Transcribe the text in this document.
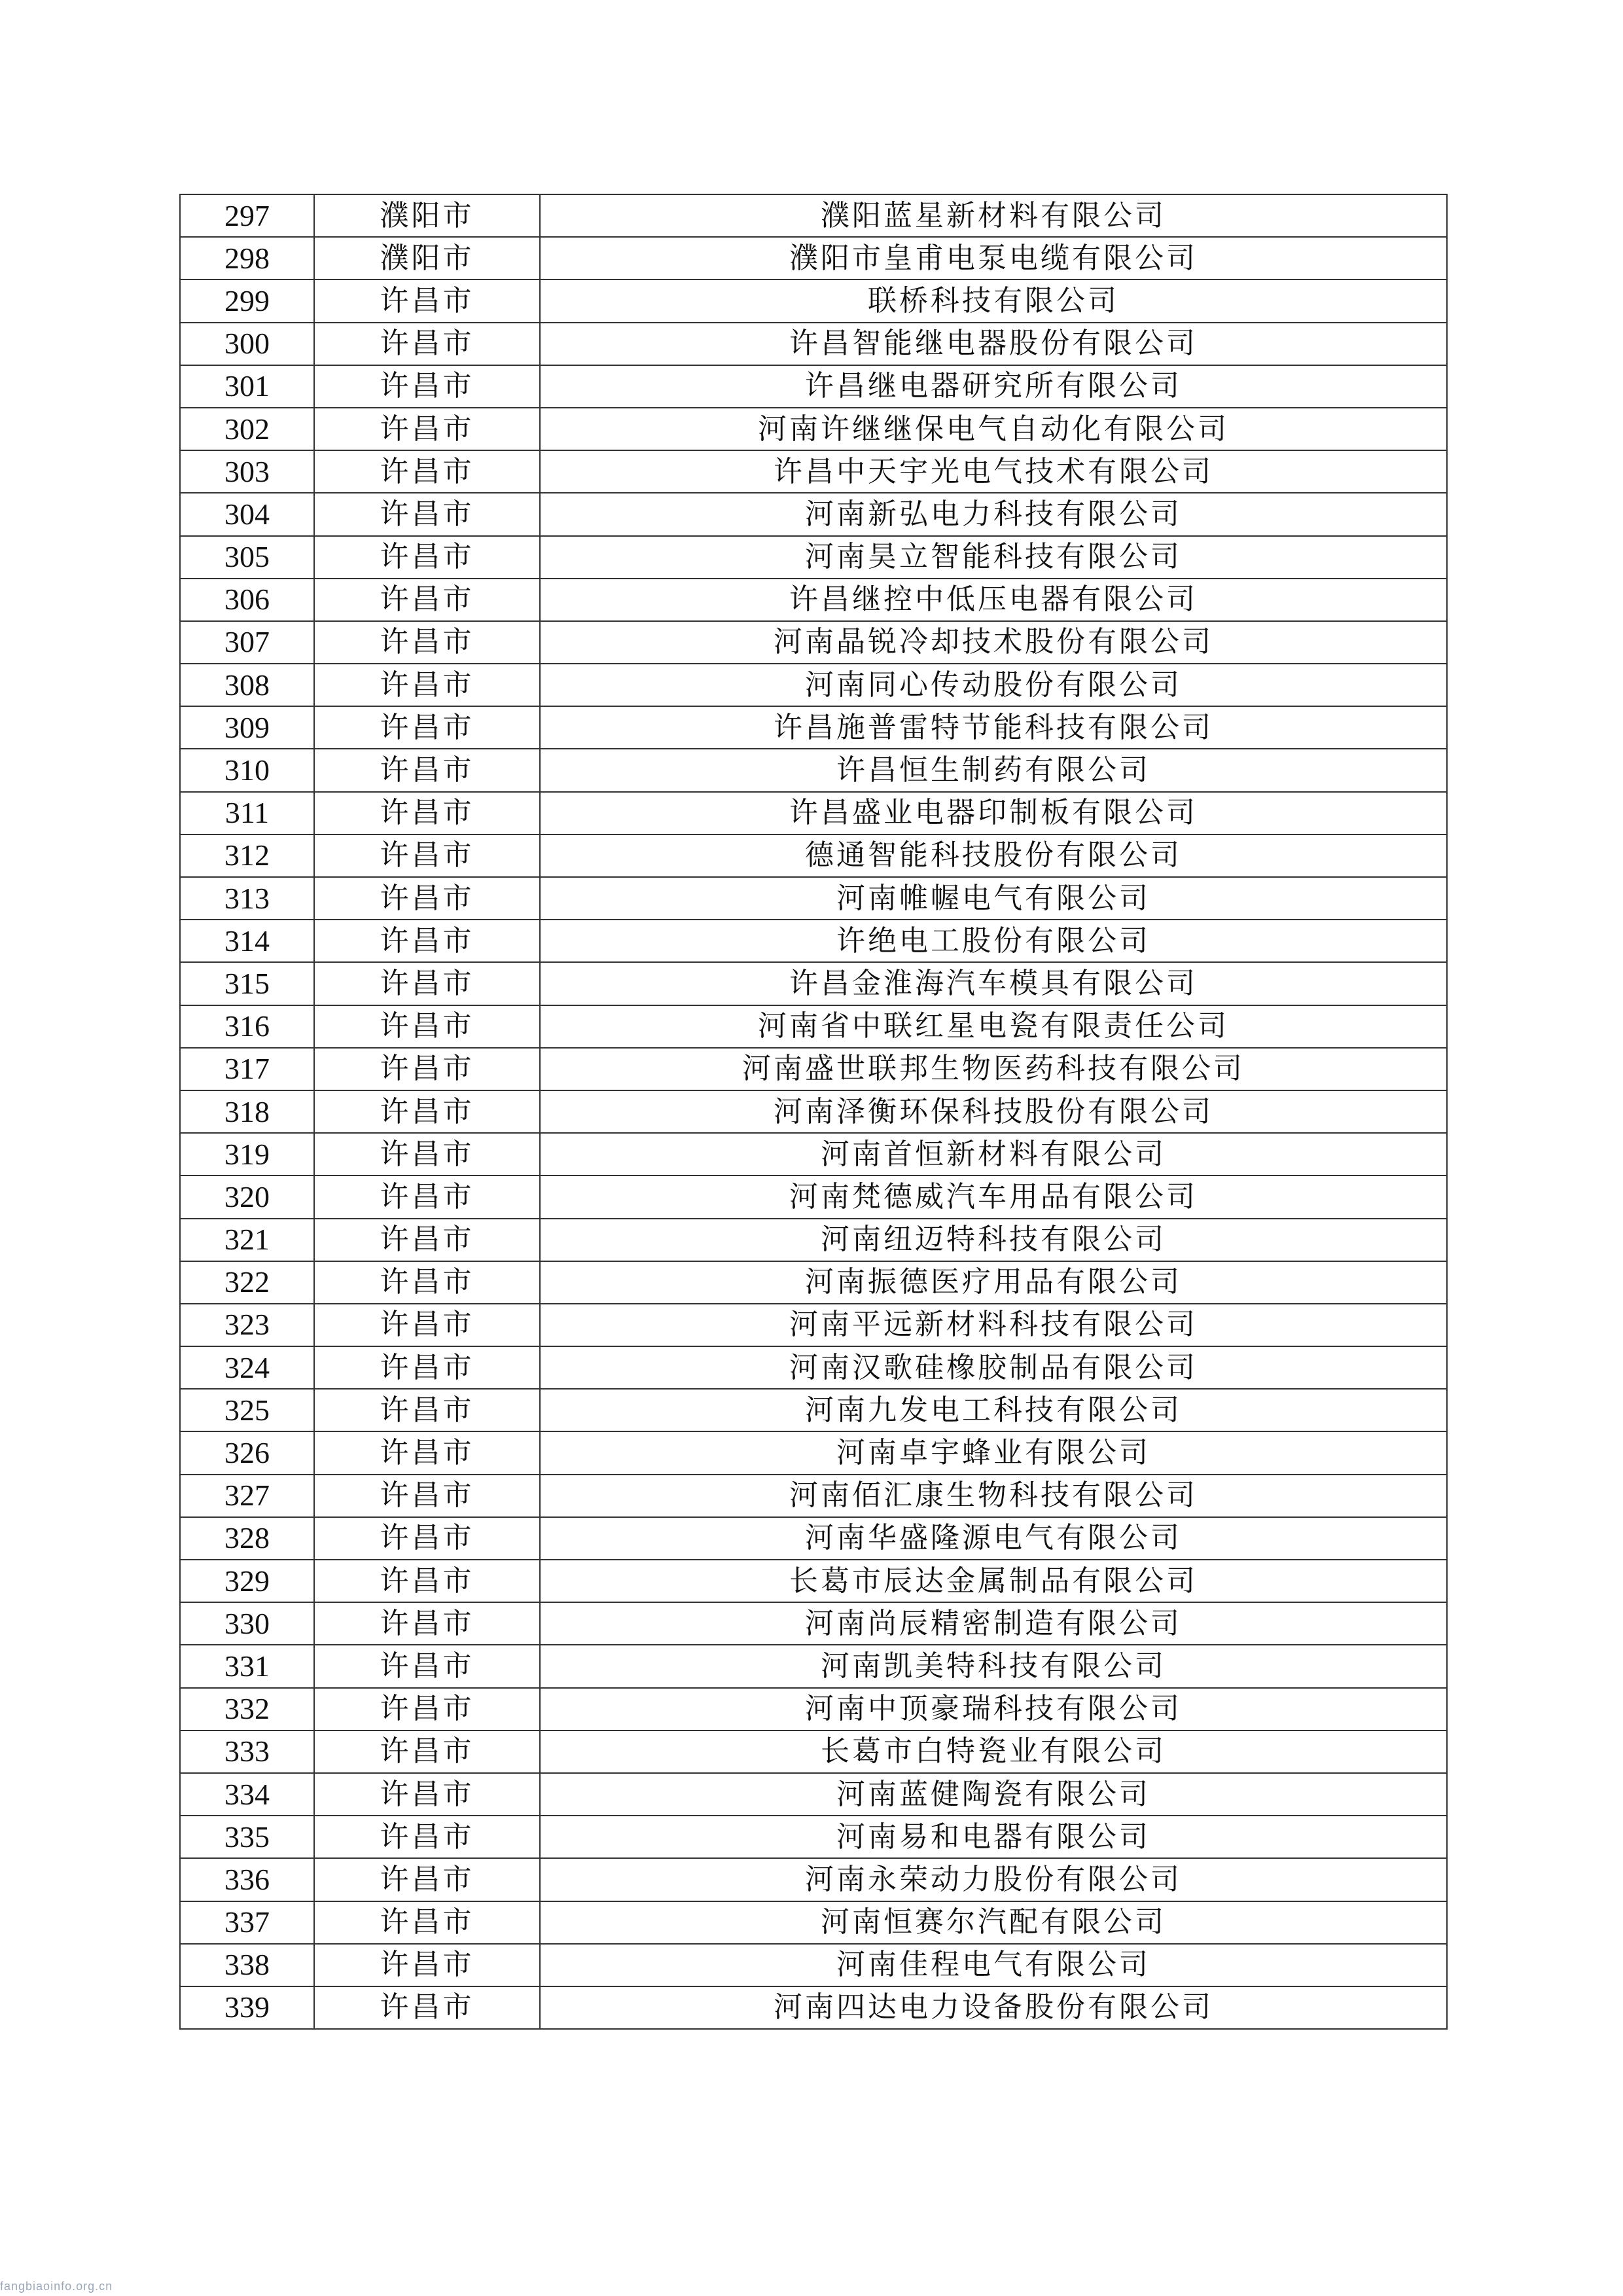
297	濮阳市	濮阳蓝星新材料有限公司
298	濮阳市	濮阳市皇甫电泵电缆有限公司
299	许昌市	联桥科技有限公司
300	许昌市	许昌智能继电器股份有限公司
301	许昌市	许昌继电器研究所有限公司
302	许昌市	河南许继继保电气自动化有限公司
303	许昌市	许昌中天宇光电气技术有限公司
304	许昌市	河南新弘电力科技有限公司
305	许昌市	河南昊立智能科技有限公司
306	许昌市	许昌继控中低压电器有限公司
307	许昌市	河南晶锐冷却技术股份有限公司
308	许昌市	河南同心传动股份有限公司
309	许昌市	许昌施普雷特节能科技有限公司
310	许昌市	许昌恒生制药有限公司
311	许昌市	许昌盛业电器印制板有限公司
312	许昌市	德通智能科技股份有限公司
313	许昌市	河南帷幄电气有限公司
314	许昌市	许绝电工股份有限公司
315	许昌市	许昌金淮海汽车模具有限公司
316	许昌市	河南省中联红星电瓷有限责任公司
317	许昌市	河南盛世联邦生物医药科技有限公司
318	许昌市	河南泽衡环保科技股份有限公司
319	许昌市	河南首恒新材料有限公司
320	许昌市	河南梵德威汽车用品有限公司
321	许昌市	河南纽迈特科技有限公司
322	许昌市	河南振德医疗用品有限公司
323	许昌市	河南平远新材料科技有限公司
324	许昌市	河南汉歌硅橡胶制品有限公司
325	许昌市	河南九发电工科技有限公司
326	许昌市	河南卓宇蜂业有限公司
327	许昌市	河南佰汇康生物科技有限公司
328	许昌市	河南华盛隆源电气有限公司
329	许昌市	长葛市辰达金属制品有限公司
330	许昌市	河南尚辰精密制造有限公司
331	许昌市	河南凯美特科技有限公司
332	许昌市	河南中顶豪瑞科技有限公司
333	许昌市	长葛市白特瓷业有限公司
334	许昌市	河南蓝健陶瓷有限公司
335	许昌市	河南易和电器有限公司
336	许昌市	河南永荣动力股份有限公司
337	许昌市	河南恒赛尔汽配有限公司
338	许昌市	河南佳程电气有限公司
339	许昌市	河南四达电力设备股份有限公司
fangbiaoinfo.org.cn
